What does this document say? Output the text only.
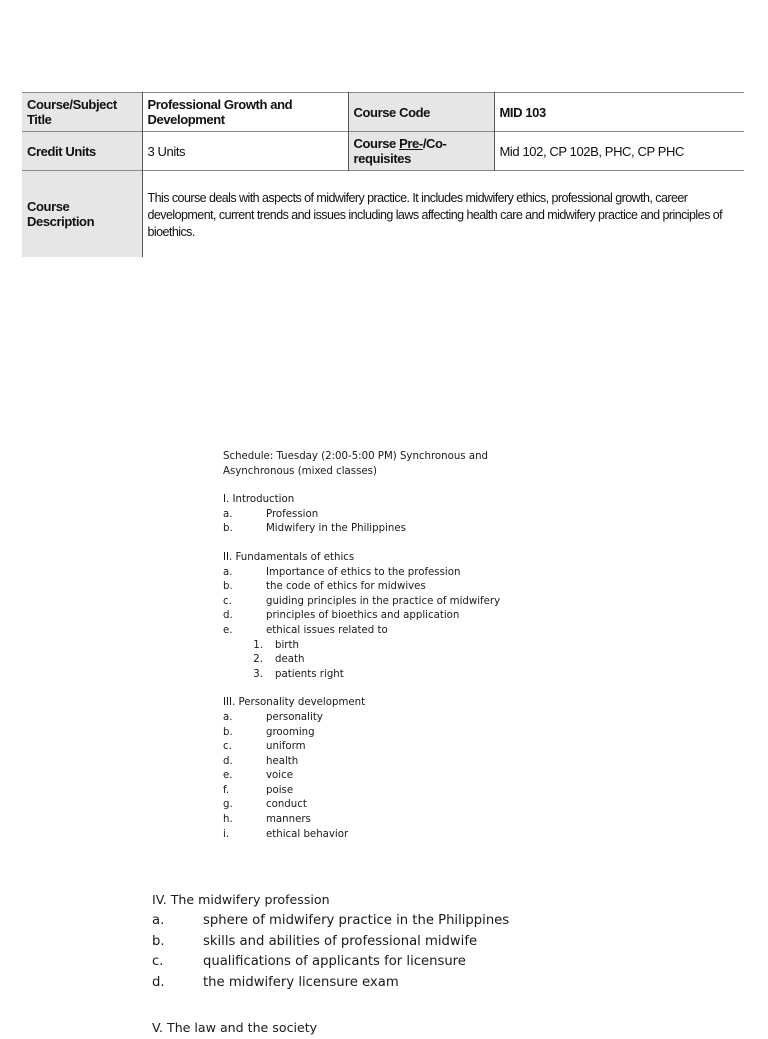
Course/Subject Title	Professional Growth and Development	Course Code	MID 103
Credit Units	3 Units	Course Pre-/Co-requisites	Mid 102, CP 102B, PHC, CP PHC
Course Description	This course deals with aspects of midwifery practice. It includes midwifery ethics, professional growth, career development, current trends and issues including laws affecting health care and midwifery practice and principles of bioethics.		
Schedule: Tuesday (2:00-5:00 PM) Synchronous and Asynchronous (mixed classes)
I. Introduction
a.	Profession
b.	Midwifery in the Philippines
II. Fundamentals of ethics
a.	Importance of ethics to the profession
b.	the code of ethics for midwives
c.	guiding principles in the practice of midwifery
d.	principles of bioethics and application
e.	ethical issues related to
1.	birth
2.	death
3.	patients right
III. Personality development
a.	personality
b.	grooming
c.	uniform
d.	health
e.	voice
f.	poise
g.	conduct
h.	manners
i.	ethical behavior
IV. The midwifery profession
a.	sphere of midwifery practice in the Philippines
b.	skills and abilities of professional midwife
c.	qualifications of applicants for licensure
d.	the midwifery licensure exam
V. The law and the society
